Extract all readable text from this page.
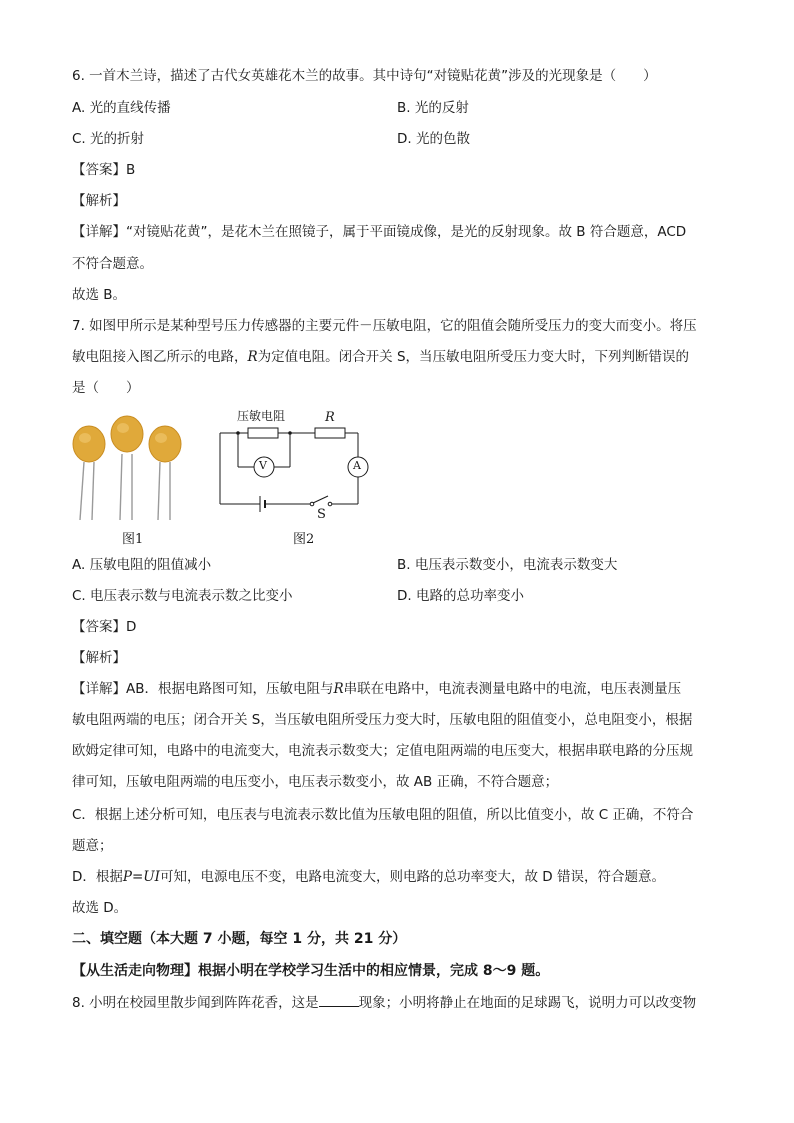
6. 一首木兰诗，描述了古代女英雄花木兰的故事。其中诗句“对镜贴花黄”涉及的光现象是（　　）
A. 光的直线传播	B. 光的反射
C. 光的折射	D. 光的色散
【答案】B
【解析】
【详解】“对镜贴花黄”，是花木兰在照镜子，属于平面镜成像，是光的反射现象。故 B 符合题意，ACD
不符合题意。
故选 B。
7. 如图甲所示是某种型号压力传感器的主要元件－压敏电阻，它的阻值会随所受压力的变大而变小。将压
敏电阻接入图乙所示的电路，R为定值电阻。闭合开关 S，当压敏电阻所受压力变大时，下列判断错误的
是（　　）
图1
压敏电阻	R
V	A
S
图2
A. 压敏电阻的阻值减小	B. 电压表示数变小，电流表示数变大
C. 电压表示数与电流表示数之比变小	D. 电路的总功率变小
【答案】D
【解析】
【详解】AB．根据电路图可知，压敏电阻与R串联在电路中，电流表测量电路中的电流，电压表测量压
敏电阻两端的电压；闭合开关 S，当压敏电阻所受压力变大时，压敏电阻的阻值变小，总电阻变小，根据
欧姆定律可知，电路中的电流变大，电流表示数变大；定值电阻两端的电压变大，根据串联电路的分压规
律可知，压敏电阻两端的电压变小，电压表示数变小，故 AB 正确，不符合题意；
C．根据上述分析可知，电压表与电流表示数比值为压敏电阻的阻值，所以比值变小，故 C 正确，不符合
题意；
D．根据P=UI可知，电源电压不变，电路电流变大，则电路的总功率变大，故 D 错误，符合题意。
故选 D。
二、填空题（本大题 7 小题，每空 1 分，共 21 分）
【从生活走向物理】根据小明在学校学习生活中的相应情景，完成 8～9 题。
8. 小明在校园里散步闻到阵阵花香，这是	现象；小明将静止在地面的足球踢飞，说明力可以改变物
